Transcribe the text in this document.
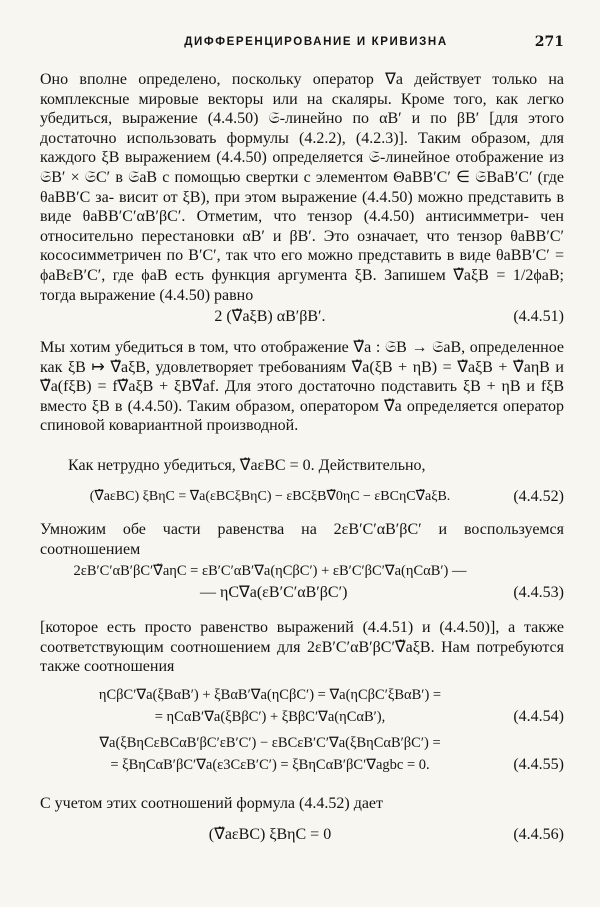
ДИФФЕРЕНЦИРОВАНИЕ И КРИВИЗНА	271

Оно вполне определено, поскольку оператор ∇a действует только на комплексные мировые векторы или на скаляры. Кроме того, как легко убедиться, выражение (4.4.50) 𝔖-линейно по αB′ и по βB′ [для этого достаточно использовать формулы (4.2.2), (4.2.3)]. Таким образом, для каждого ξB выражением (4.4.50) определяется 𝔖-линейное отображение из 𝔖B′ × 𝔖C′ в 𝔖aB с помощью свертки с элементом ΘaBB′C′ ∈ 𝔖BaB′C′ (где θaBB′C за- висит от ξB), при этом выражение (4.4.50) можно представить в виде θaBB′C′αB′βC′. Отметим, что тензор (4.4.50) антисимметри- чен относительно перестановки αB′ и βB′. Это означает, что тензор θaBB′C′ кососимметричен по B′C′, так что его можно представить в виде θaBB′C′ = ϕaBεB′C′, где ϕaB есть функция аргумента ξB. Запишем ∇̃aξB = 1/2ϕaB; тогда выражение (4.4.50) равно

2 (∇̃aξB) αB′βB′.	(4.4.51)

Мы хотим убедиться в том, что отображение ∇̃a : 𝔖B → 𝔖aB, определенное как ξB ↦ ∇̃aξB, удовлетворяет требованиям ∇̃a(ξB + ηB) = ∇̃aξB + ∇̃aηB и ∇̃a(fξB) = f∇̃aξB + ξB∇̃af. Для этого достаточно подставить ξB + ηB и fξB вместо ξB в (4.4.50). Таким образом, оператором ∇̃a определяется оператор спиновой ковариантной производной.

Как нетрудно убедиться, ∇̃aεBC = 0. Действительно,

(∇̃aεBC) ξBηC = ∇a(εBCξBηC) − εBCξB∇̃0ηC − εBCηC∇̃aξB.	(4.4.52)

Умножим обе части равенства на 2εB′C′αB′βC′ и воспользуемся соотношением

2εB′C′αB′βC′∇̃aηC = εB′C′αB′∇a(ηCβC′) + εB′C′βC′∇a(ηCαB′) —
— ηC∇a(εB′C′αB′βC′)	(4.4.53)

[которое есть просто равенство выражений (4.4.51) и (4.4.50)], а также соответствующим соотношением для 2εB′C′αB′βC′∇̃aξB. Нам потребуются также соотношения

ηCβC′∇a(ξBαB′) + ξBαB′∇a(ηCβC′) = ∇a(ηCβC′ξBαB′) =
= ηCαB′∇a(ξBβC′) + ξBβC′∇a(ηCαB′),	(4.4.54)
∇a(ξBηCεBCαB′βC′εB′C′) − εBCεB′C′∇a(ξBηCαB′βC′) =
= ξBηCαB′βC′∇a(ε3CεB′C′) = ξBηCαB′βC′∇agbc = 0.	(4.4.55)

С учетом этих соотношений формула (4.4.52) дает

(∇̃aεBC) ξBηC = 0	(4.4.56)
